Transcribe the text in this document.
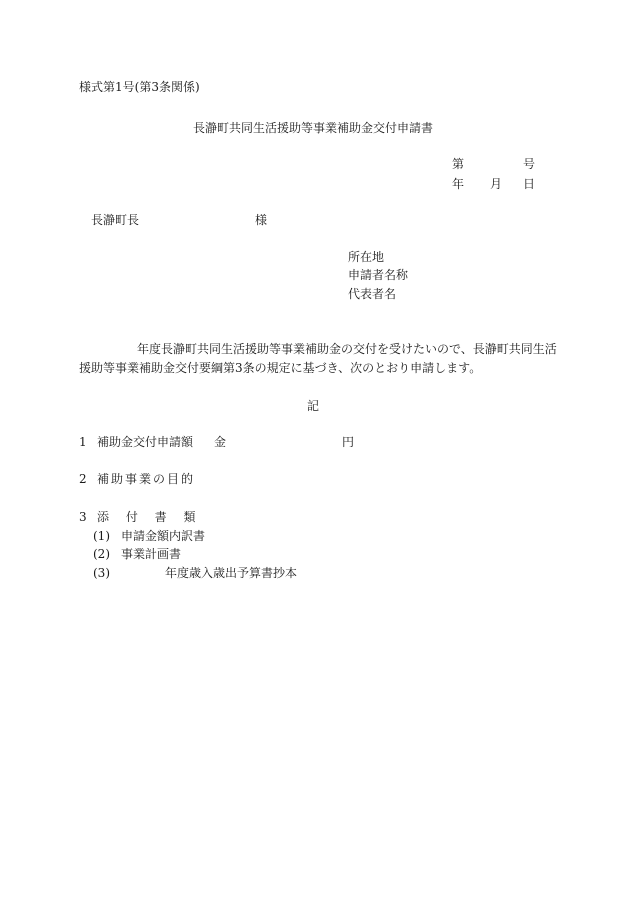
様式第1号(第3条関係)
長瀞町共同生活援助等事業補助金交付申請書
第	号
年 月 日
長瀞町長	様
所在地
申請者名称
代表者名
年度長瀞町共同生活援助等事業補助金の交付を受けたいので、長瀞町共同生活
援助等事業補助金交付要綱第3条の規定に基づき、次のとおり申請します。
記
1 補助金交付申請額 金	円
2 補助事業の目的
3 添 付 書 類
(1) 申請金額内訳書
(2) 事業計画書
(3)	年度歳入歳出予算書抄本
